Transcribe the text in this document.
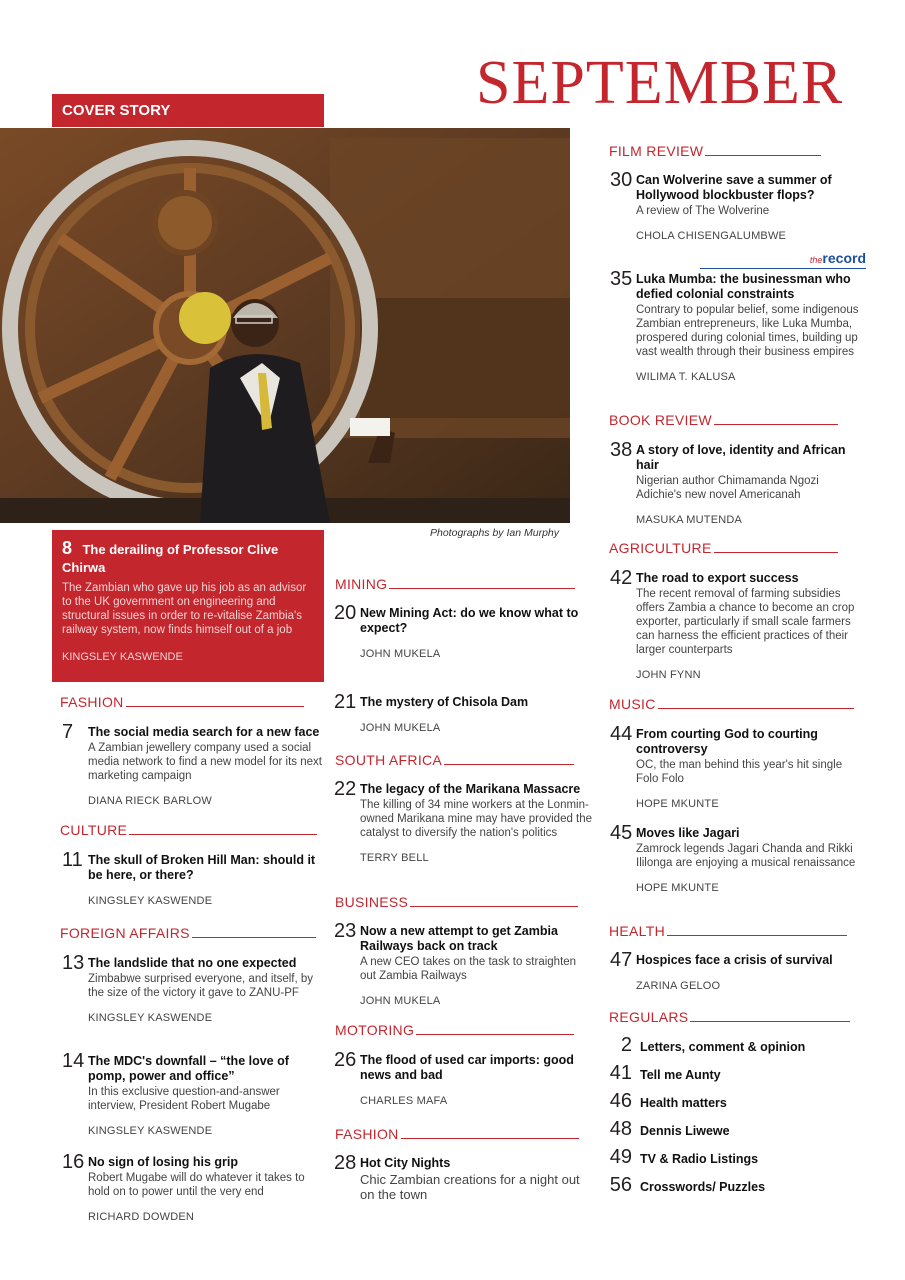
SEPTEMBER
COVER STORY
Photographs by Ian Murphy
8 The derailing of Professor Clive Chirwa
The Zambian who gave up his job as an advisor to the UK government on engineering and structural issues in order to re-vitalise Zambia's railway system, now finds himself out of a job
KINGSLEY KASWENDE
FASHION
7 The social media search for a new face
A Zambian jewellery company used a social media network to find a new model for its next marketing campaign
DIANA RIECK BARLOW
CULTURE
11 The skull of Broken Hill Man: should it be here, or there?
KINGSLEY KASWENDE
FOREIGN AFFAIRS
13 The landslide that no one expected
Zimbabwe surprised everyone, and itself, by the size of the victory it gave to ZANU-PF
KINGSLEY KASWENDE
14 The MDC's downfall – “the love of pomp, power and office”
In this exclusive question-and-answer interview, President Robert Mugabe
KINGSLEY KASWENDE
16 No sign of losing his grip
Robert Mugabe will do whatever it takes to hold on to power until the very end
RICHARD DOWDEN
MINING
20 New Mining Act: do we know what to expect?
JOHN MUKELA
21 The mystery of Chisola Dam
JOHN MUKELA
SOUTH AFRICA
22 The legacy of the Marikana Massacre
The killing of 34 mine workers at the Lonmin-owned Marikana mine may have provided the catalyst to diversify the nation's politics
TERRY BELL
BUSINESS
23 Now a new attempt to get Zambia Railways back on track
A new CEO takes on the task to straighten out Zambia Railways
JOHN MUKELA
MOTORING
26 The flood of used car imports: good news and bad
CHARLES MAFA
FASHION
28 Hot City Nights
Chic Zambian creations for a night out on the town
FILM REVIEW
30 Can Wolverine save a summer of Hollywood blockbuster flops?
A review of The Wolverine
CHOLA CHISENGALUMBWE
therecord
35 Luka Mumba: the businessman who defied colonial constraints
Contrary to popular belief, some indigenous Zambian entrepreneurs, like Luka Mumba, prospered during colonial times, building up vast wealth through their business empires
WILIMA T. KALUSA
BOOK REVIEW
38 A story of love, identity and African hair
Nigerian author Chimamanda Ngozi Adichie's new novel Americanah
MASUKA MUTENDA
AGRICULTURE
42 The road to export success
The recent removal of farming subsidies offers Zambia a chance to become an crop exporter, particularly if small scale farmers can harness the efficient practices of their larger counterparts
JOHN FYNN
MUSIC
44 From courting God to courting controversy
OC, the man behind this year's hit single Folo Folo
HOPE MKUNTE
45 Moves like Jagari
Zamrock legends Jagari Chanda and Rikki Ililonga are enjoying a musical renaissance
HOPE MKUNTE
HEALTH
47 Hospices face a crisis of survival
ZARINA GELOO
REGULARS
2 Letters, comment & opinion
41 Tell me Aunty
46 Health matters
48 Dennis Liwewe
49 TV & Radio Listings
56 Crosswords/ Puzzles
